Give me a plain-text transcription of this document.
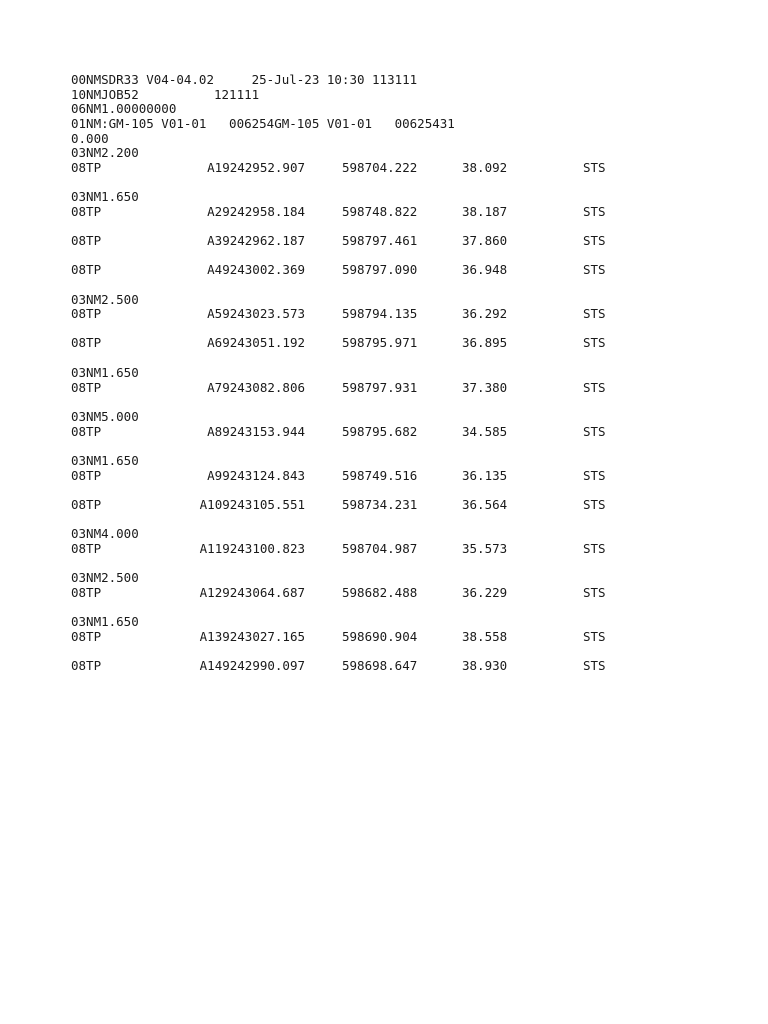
00NMSDR33 V04-04.02     25-Jul-23 10:30 113111
10NMJOB52          121111
06NM1.00000000
01NM:GM-105 V01-01   006254GM-105 V01-01   00625431
0.000
03NM2.200
08TP	A19242952.907	598704.222	38.092	STS
03NM1.650
08TP	A29242958.184	598748.822	38.187	STS
08TP	A39242962.187	598797.461	37.860	STS
08TP	A49243002.369	598797.090	36.948	STS
03NM2.500
08TP	A59243023.573	598794.135	36.292	STS
08TP	A69243051.192	598795.971	36.895	STS
03NM1.650
08TP	A79243082.806	598797.931	37.380	STS
03NM5.000
08TP	A89243153.944	598795.682	34.585	STS
03NM1.650
08TP	A99243124.843	598749.516	36.135	STS
08TP	A109243105.551	598734.231	36.564	STS
03NM4.000
08TP	A119243100.823	598704.987	35.573	STS
03NM2.500
08TP	A129243064.687	598682.488	36.229	STS
03NM1.650
08TP	A139243027.165	598690.904	38.558	STS
08TP	A149242990.097	598698.647	38.930	STS
